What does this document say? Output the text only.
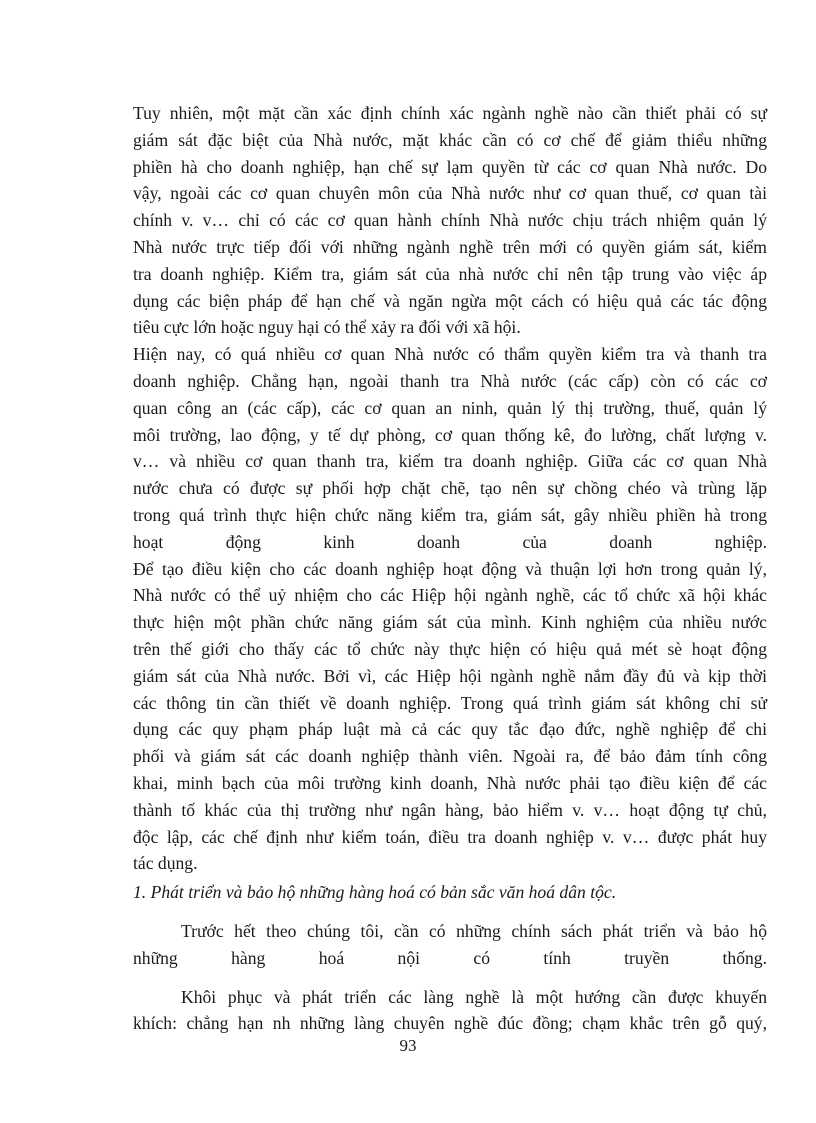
Tuy nhiên, một mặt cần xác định chính xác ngành nghề nào cần thiết phải có sự
giám sát đặc biệt của Nhà nước, mặt khác cần có cơ chế để giảm thiểu những
phiền hà cho doanh nghiệp, hạn chế sự lạm quyền từ các cơ quan Nhà nước. Do
vậy, ngoài các cơ quan chuyên môn của Nhà nước như cơ quan thuế, cơ quan tài
chính v. v… chỉ có các cơ quan hành chính Nhà nước chịu trách nhiệm quản lý
Nhà nước trực tiếp đối với những ngành nghề trên mới có quyền giám sát, kiểm
tra doanh nghiệp. Kiểm tra, giám sát của nhà nước chỉ nên tập trung vào việc áp
dụng các biện pháp để hạn chế và ngăn ngừa một cách có hiệu quả các tác động
tiêu cực lớn hoặc nguy hại có thể xảy ra đối với xã hội.
Hiện nay, có quá nhiều cơ quan Nhà nước có thẩm quyền kiểm tra và thanh tra
doanh nghiệp. Chẳng hạn, ngoài thanh tra Nhà nước (các cấp) còn có các cơ
quan công an (các cấp), các cơ quan an ninh, quản lý thị trường, thuế, quản lý
môi trường, lao động, y tế dự phòng, cơ quan thống kê, đo lường, chất lượng v.
v… và nhiều cơ quan thanh tra, kiểm tra doanh nghiệp. Giữa các cơ quan Nhà
nước chưa có được sự phối hợp chặt chẽ, tạo nên sự chồng chéo và trùng lặp
trong quá trình thực hiện chức năng kiểm tra, giám sát, gây nhiều phiền hà trong
hoạt động kinh doanh của doanh nghiệp.
Để tạo điều kiện cho các doanh nghiệp hoạt động và thuận lợi hơn trong quản lý,
Nhà nước có thể uỷ nhiệm cho các Hiệp hội ngành nghề, các tổ chức xã hội khác
thực hiện một phần chức năng giám sát của mình. Kinh nghiệm của nhiều nước
trên thế giới cho thấy các tổ chức này thực hiện có hiệu quả mét sè hoạt động
giám sát của Nhà nước. Bởi vì, các Hiệp hội ngành nghề nắm đầy đủ và kịp thời
các thông tin cần thiết về doanh nghiệp. Trong quá trình giám sát không chỉ sử
dụng các quy phạm pháp luật mà cả các quy tắc đạo đức, nghề nghiệp để chi
phối và giám sát các doanh nghiệp thành viên. Ngoài ra, để bảo đảm tính công
khai, minh bạch của môi trường kinh doanh, Nhà nước phải tạo điều kiện để các
thành tố khác của thị trường như ngân hàng, bảo hiểm v. v… hoạt động tự chủ,
độc lập, các chế định như kiểm toán, điều tra doanh nghiệp v. v… được phát huy
tác dụng.
1. Phát triển và bảo hộ những hàng hoá có bản sắc văn hoá dân tộc.
Trước hết theo chúng tôi, cần có những chính sách phát triển và bảo hộ
những hàng hoá nội có tính truyền thống.
Khôi phục và phát triển các làng nghề là một hướng cần được khuyến
khích: chẳng hạn nh những làng chuyên nghề đúc đồng; chạm khắc trên gỗ quý,
93
